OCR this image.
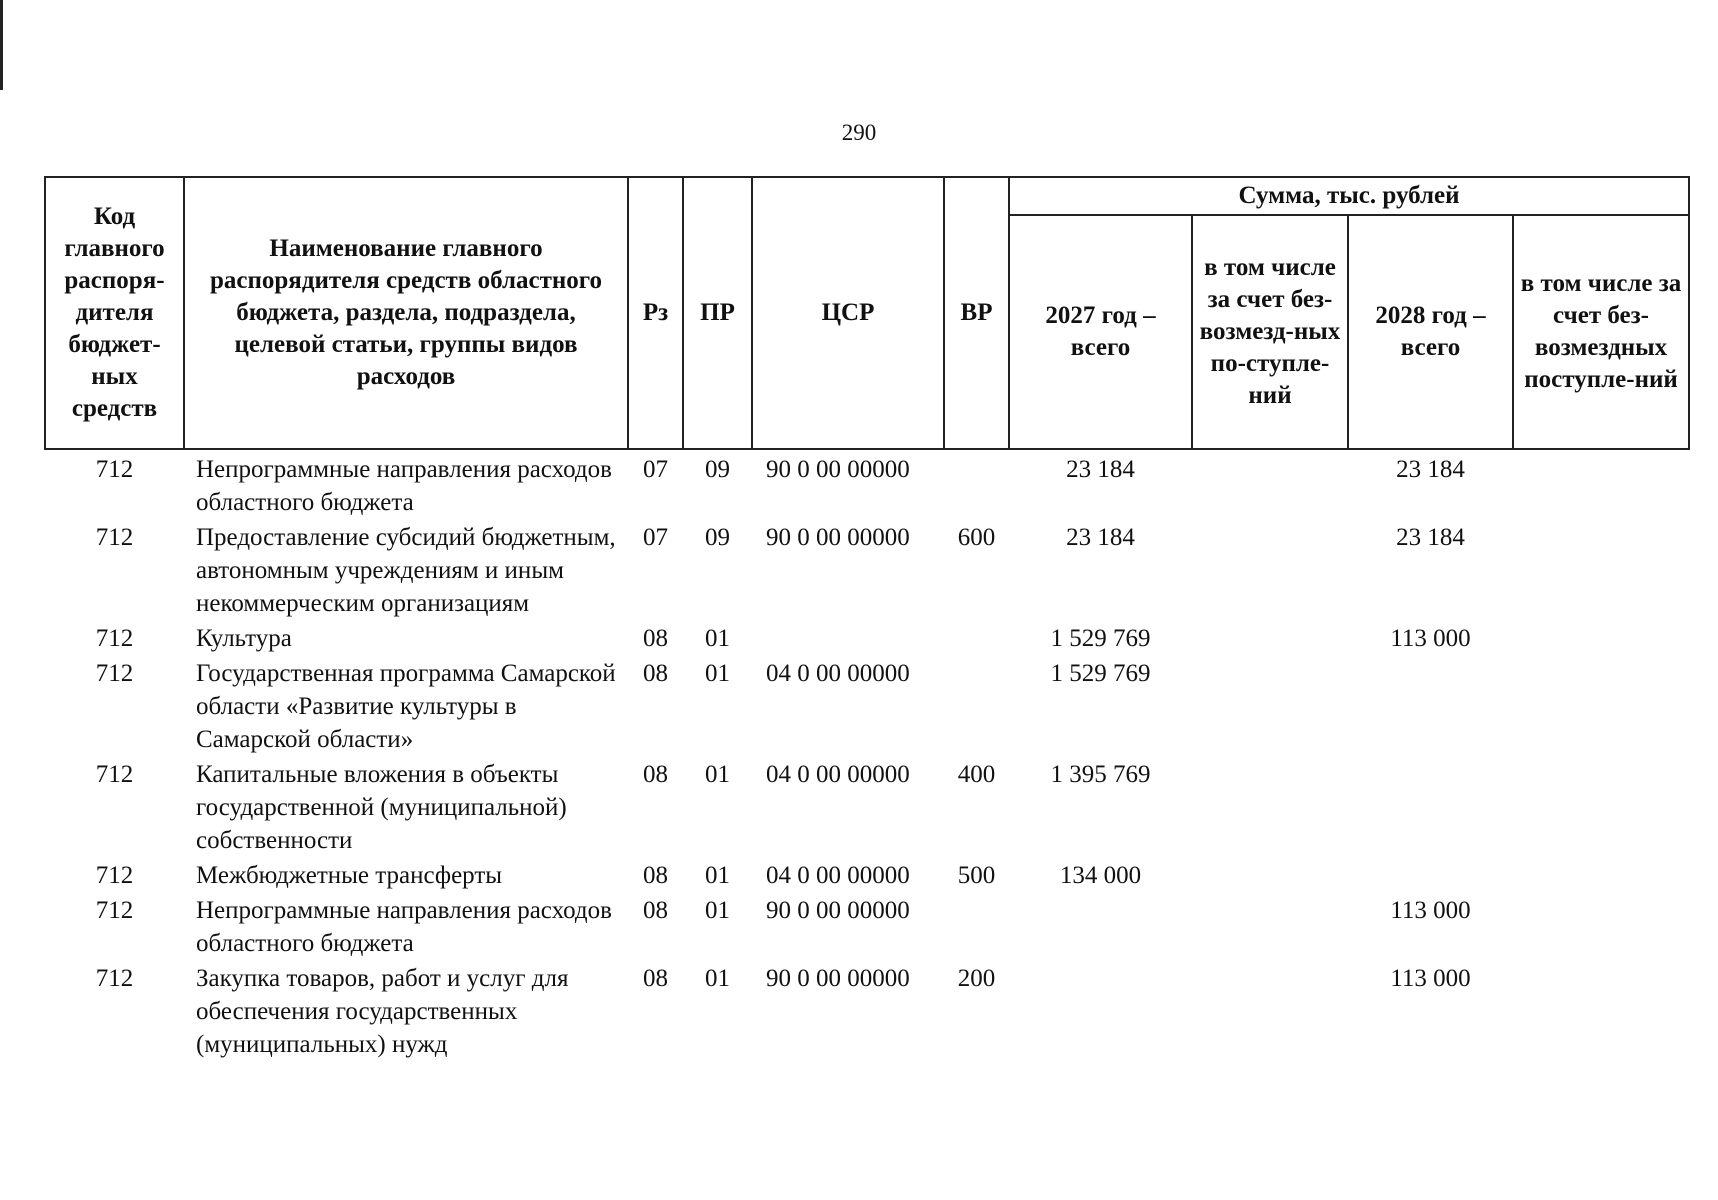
290
Код главного распоря-дителя бюджет-ных средств	Наименование главного распорядителя средств областного бюджета, раздела, подраздела, целевой статьи, группы видов расходов	Рз	ПР	ЦСР	ВР	Сумма, тыс. рублей			
						2027 год – всего	в том числе за счет без-возмезд-ных по-ступле-ний	2028 год – всего	в том числе за счет без-возмездных поступле-ний
712	Непрограммные направления расходов областного бюджета	07	09	90 0 00 00000		23 184		23 184	
712	Предоставление субсидий бюджетным, автономным учреждениям и иным некоммерческим организациям	07	09	90 0 00 00000	600	23 184		23 184	
712	Культура	08	01			1 529 769		113 000	
712	Государственная программа Самарской области «Развитие культуры в Самарской области»	08	01	04 0 00 00000		1 529 769			
712	Капитальные вложения в объекты государственной (муниципальной) собственности	08	01	04 0 00 00000	400	1 395 769			
712	Межбюджетные трансферты	08	01	04 0 00 00000	500	134 000			
712	Непрограммные направления расходов областного бюджета	08	01	90 0 00 00000				113 000	
712	Закупка товаров, работ и услуг для обеспечения государственных (муниципальных) нужд	08	01	90 0 00 00000	200			113 000	
